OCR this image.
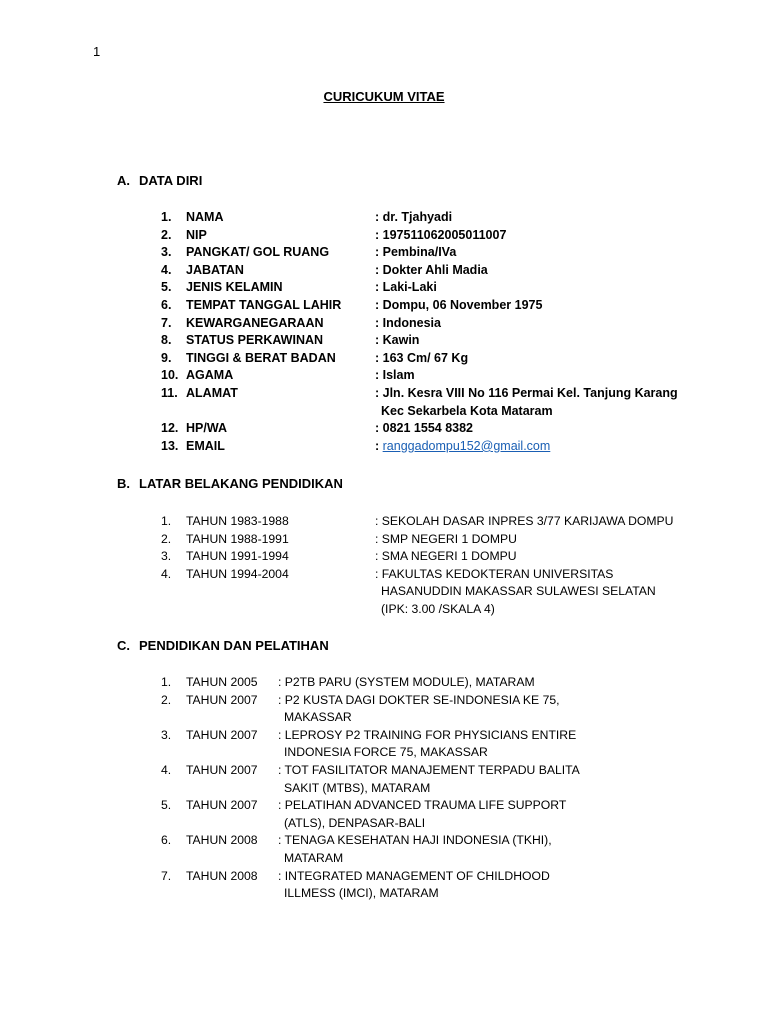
1
CURICUKUM VITAE
A. DATA DIRI
1. NAMA	: dr. Tjahyadi
2. NIP	: 197511062005011007
3. PANGKAT/ GOL RUANG	: Pembina/IVa
4. JABATAN	: Dokter Ahli Madia
5. JENIS KELAMIN	: Laki-Laki
6. TEMPAT TANGGAL LAHIR	: Dompu, 06 November 1975
7. KEWARGANEGARAAN	: Indonesia
8. STATUS PERKAWINAN	: Kawin
9. TINGGI & BERAT BADAN	: 163 Cm/ 67 Kg
10. AGAMA	: Islam
11. ALAMAT	: Jln. Kesra VIII No 116 Permai Kel. Tanjung Karang
Kec Sekarbela Kota Mataram
12. HP/WA	: 0821 1554 8382
13. EMAIL	: ranggadompu152@gmail.com
B. LATAR BELAKANG PENDIDIKAN
1. TAHUN 1983-1988	: SEKOLAH DASAR INPRES 3/77 KARIJAWA DOMPU
2. TAHUN 1988-1991	: SMP NEGERI 1 DOMPU
3. TAHUN 1991-1994	: SMA NEGERI 1 DOMPU
4. TAHUN 1994-2004	: FAKULTAS KEDOKTERAN UNIVERSITAS
HASANUDDIN MAKASSAR SULAWESI SELATAN
(IPK: 3.00 /SKALA 4)
C. PENDIDIKAN DAN PELATIHAN
1. TAHUN 2005 : P2TB PARU (SYSTEM MODULE), MATARAM
2. TAHUN 2007 : P2 KUSTA DAGI DOKTER SE-INDONESIA KE 75,
MAKASSAR
3. TAHUN 2007 : LEPROSY P2 TRAINING FOR PHYSICIANS ENTIRE
INDONESIA FORCE 75, MAKASSAR
4. TAHUN 2007 : TOT FASILITATOR MANAJEMENT TERPADU BALITA
SAKIT (MTBS), MATARAM
5. TAHUN 2007 : PELATIHAN ADVANCED TRAUMA LIFE SUPPORT
(ATLS), DENPASAR-BALI
6. TAHUN 2008 : TENAGA KESEHATAN HAJI INDONESIA (TKHI),
MATARAM
7. TAHUN 2008 : INTEGRATED MANAGEMENT OF CHILDHOOD
ILLMESS (IMCI), MATARAM
